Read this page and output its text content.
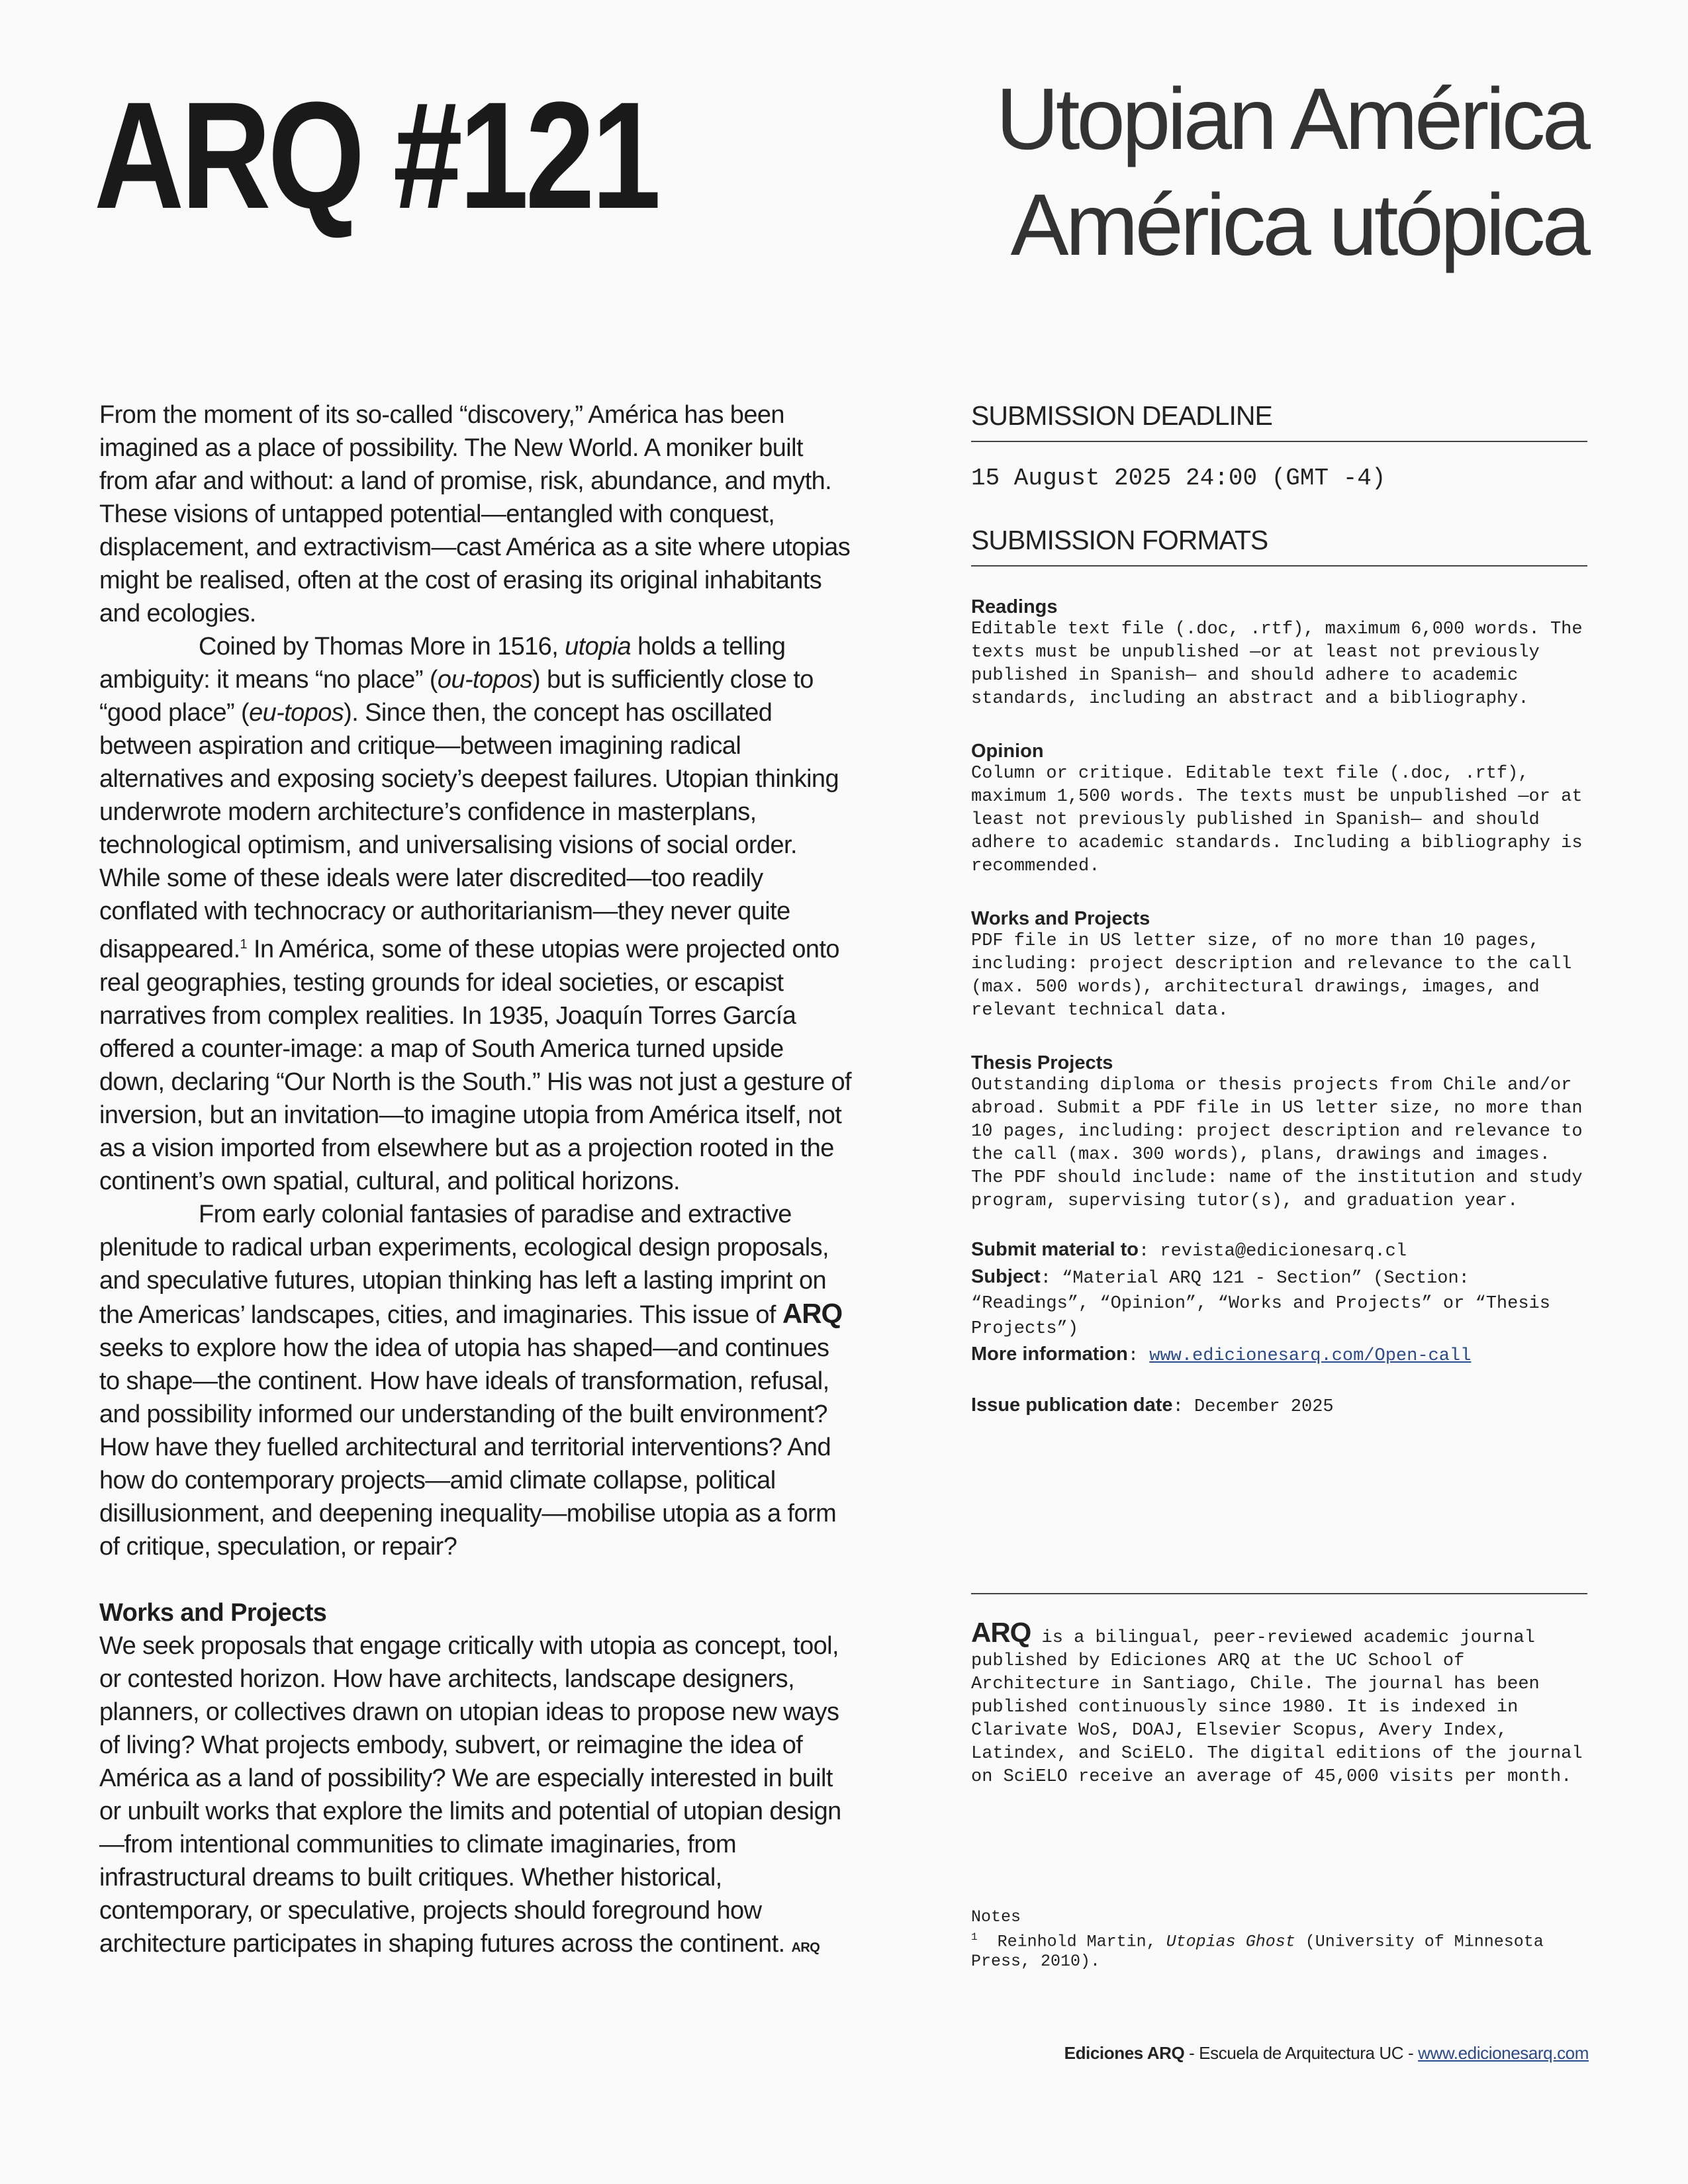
ARQ #121	Utopian América
América utópica

From the moment of its so-called “discovery,” América has been imagined as a place of possibility. The New World. A moniker built from afar and without: a land of promise, risk, abundance, and myth. These visions of untapped potential—entangled with conquest, displacement, and extractivism—cast América as a site where utopias might be realised, often at the cost of erasing its original inhabitants and ecologies.

Coined by Thomas More in 1516, utopia holds a telling ambiguity: it means “no place” (ou-topos) but is sufficiently close to “good place” (eu-topos). Since then, the concept has oscillated between aspiration and critique—between imagining radical alternatives and exposing society’s deepest failures. Utopian thinking underwrote modern architecture’s confidence in masterplans, technological optimism, and universalising visions of social order. While some of these ideals were later discredited—too readily conflated with technocracy or authoritarianism—they never quite disappeared.$^1$ In América, some of these utopias were projected onto real geographies, testing grounds for ideal societies, or escapist narratives from complex realities. In 1935, Joaquín Torres García offered a counter-image: a map of South America turned upside down, declaring “Our North is the South.” His was not just a gesture of inversion, but an invitation—to imagine utopia from América itself, not as a vision imported from elsewhere but as a projection rooted in the continent’s own spatial, cultural, and political horizons.

From early colonial fantasies of paradise and extractive plenitude to radical urban experiments, ecological design proposals, and speculative futures, utopian thinking has left a lasting imprint on the Americas’ landscapes, cities, and imaginaries. This issue of ARQ seeks to explore how the idea of utopia has shaped—and continues to shape—the continent. How have ideals of transformation, refusal, and possibility informed our understanding of the built environment? How have they fuelled architectural and territorial interventions? And how do contemporary projects—amid climate collapse, political disillusionment, and deepening inequality—mobilise utopia as a form of critique, speculation, or repair?

Works and Projects

We seek proposals that engage critically with utopia as concept, tool, or contested horizon. How have architects, landscape designers, planners, or collectives drawn on utopian ideas to propose new ways of living? What projects embody, subvert, or reimagine the idea of América as a land of possibility? We are especially interested in built or unbuilt works that explore the limits and potential of utopian design—from intentional communities to climate imaginaries, from infrastructural dreams to built critiques. Whether historical, contemporary, or speculative, projects should foreground how architecture participates in shaping futures across the continent. ARQ

SUBMISSION DEADLINE
15 August 2025 24:00 (GMT -4)
SUBMISSION FORMATS
Readings
Editable text file (.doc, .rtf), maximum 6,000 words. The texts must be unpublished —or at least not previously published in Spanish— and should adhere to academic standards, including an abstract and a bibliography.
Opinion
Column or critique. Editable text file (.doc, .rtf), maximum 1,500 words. The texts must be unpublished —or at least not previously published in Spanish— and should adhere to academic standards. Including a bibliography is recommended.
Works and Projects
PDF file in US letter size, of no more than 10 pages, including: project description and relevance to the call (max. 500 words), architectural drawings, images, and relevant technical data.
Thesis Projects
Outstanding diploma or thesis projects from Chile and/or abroad. Submit a PDF file in US letter size, no more than 10 pages, including: project description and relevance to the call (max. 300 words), plans, drawings and images. The PDF should include: name of the institution and study program, supervising tutor(s), and graduation year.
Submit material to: revista@edicionesarq.cl
Subject: “Material ARQ 121 - Section” (Section: “Readings”, “Opinion”, “Works and Projects” or “Thesis Projects”)
More information: www.edicionesarq.com/Open-call
Issue publication date: December 2025
ARQ is a bilingual, peer-reviewed academic journal published by Ediciones ARQ at the UC School of Architecture in Santiago, Chile. The journal has been published continuously since 1980. It is indexed in Clarivate WoS, DOAJ, Elsevier Scopus, Avery Index, Latindex, and SciELO. The digital editions of the journal on SciELO receive an average of 45,000 visits per month.
Notes
$^1$ Reinhold Martin, Utopias Ghost (University of Minnesota Press, 2010).
Ediciones ARQ - Escuela de Arquitectura UC - www.edicionesarq.com
